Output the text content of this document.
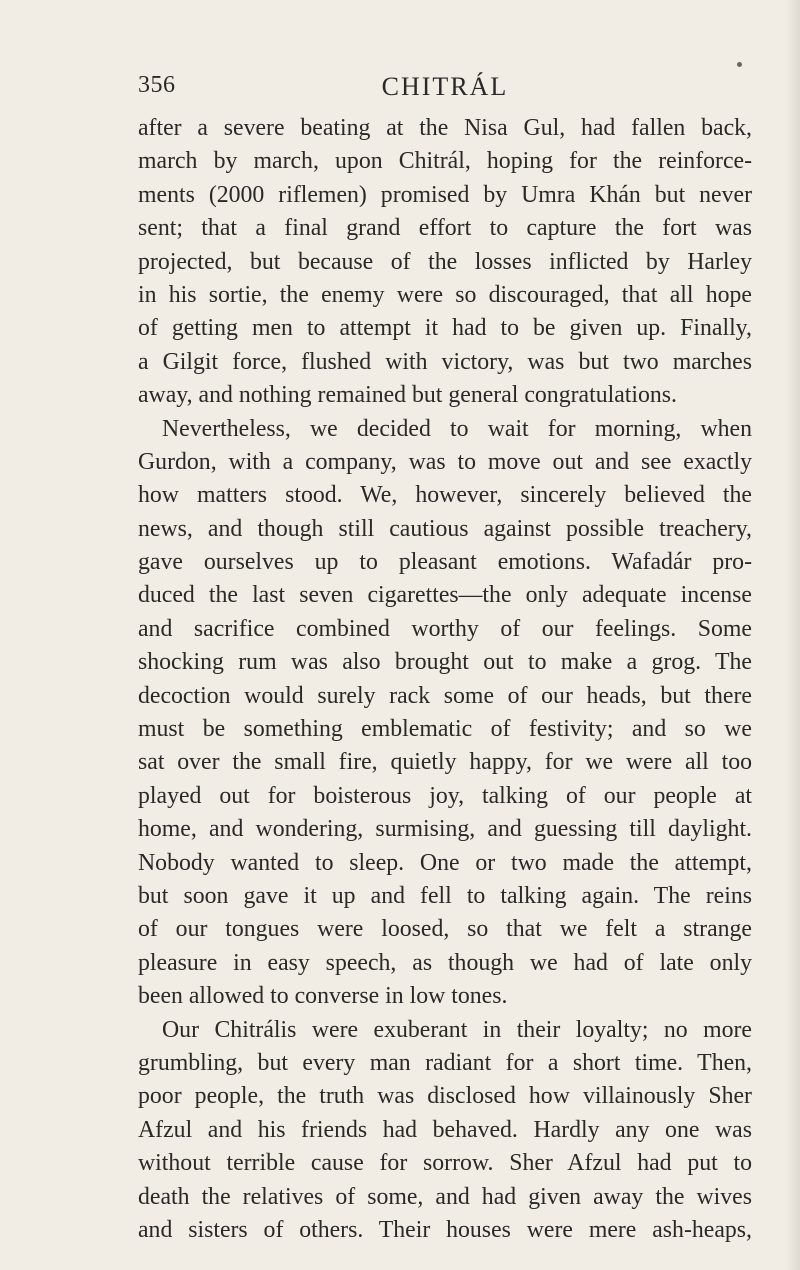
356	CHITRÁL
after a severe beating at the Nisa Gul, had fallen back,
march by march, upon Chitrál, hoping for the reinforce-
ments (2000 riflemen) promised by Umra Khán but never
sent; that a final grand effort to capture the fort was
projected, but because of the losses inflicted by Harley
in his sortie, the enemy were so discouraged, that all hope
of getting men to attempt it had to be given up. Finally,
a Gilgit force, flushed with victory, was but two marches
away, and nothing remained but general congratulations.
Nevertheless, we decided to wait for morning, when
Gurdon, with a company, was to move out and see exactly
how matters stood. We, however, sincerely believed the
news, and though still cautious against possible treachery,
gave ourselves up to pleasant emotions. Wafadár pro-
duced the last seven cigarettes—the only adequate incense
and sacrifice combined worthy of our feelings. Some
shocking rum was also brought out to make a grog. The
decoction would surely rack some of our heads, but there
must be something emblematic of festivity; and so we
sat over the small fire, quietly happy, for we were all too
played out for boisterous joy, talking of our people at
home, and wondering, surmising, and guessing till daylight.
Nobody wanted to sleep. One or two made the attempt,
but soon gave it up and fell to talking again. The reins
of our tongues were loosed, so that we felt a strange
pleasure in easy speech, as though we had of late only
been allowed to converse in low tones.
Our Chitrális were exuberant in their loyalty; no more
grumbling, but every man radiant for a short time. Then,
poor people, the truth was disclosed how villainously Sher
Afzul and his friends had behaved. Hardly any one was
without terrible cause for sorrow. Sher Afzul had put to
death the relatives of some, and had given away the wives
and sisters of others. Their houses were mere ash-heaps,
